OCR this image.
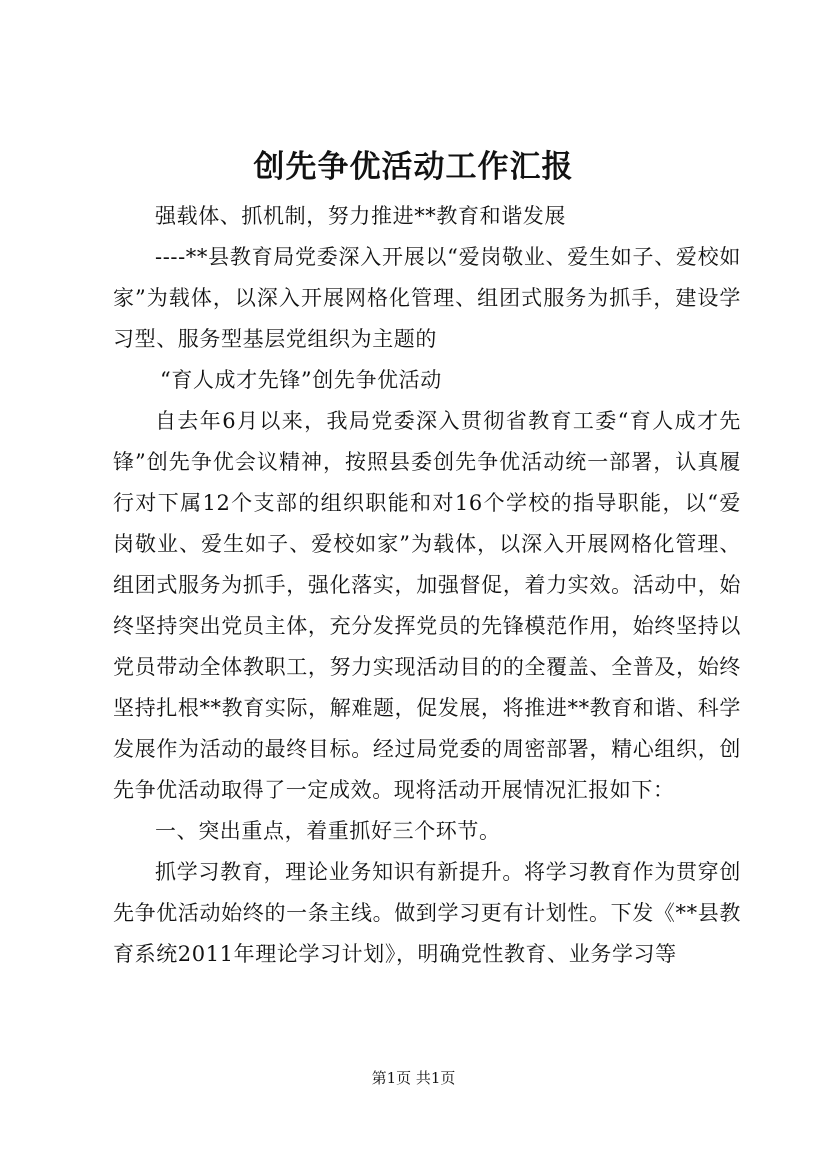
创先争优活动工作汇报

强载体、抓机制，努力推进**教育和谐发展

----**县教育局党委深入开展以“爱岗敬业、爱生如子、爱校如家”为载体，以深入开展网格化管理、组团式服务为抓手，建设学习型、服务型基层党组织为主题的

“育人成才先锋”创先争优活动

自去年6月以来，我局党委深入贯彻省教育工委“育人成才先锋”创先争优会议精神，按照县委创先争优活动统一部署，认真履行对下属12个支部的组织职能和对16个学校的指导职能，以“爱岗敬业、爱生如子、爱校如家”为载体，以深入开展网格化管理、组团式服务为抓手，强化落实，加强督促，着力实效。活动中，始终坚持突出党员主体，充分发挥党员的先锋模范作用，始终坚持以党员带动全体教职工，努力实现活动目的的全覆盖、全普及，始终坚持扎根**教育实际，解难题，促发展，将推进**教育和谐、科学发展作为活动的最终目标。经过局党委的周密部署，精心组织，创先争优活动取得了一定成效。现将活动开展情况汇报如下：

一、突出重点，着重抓好三个环节。

抓学习教育，理论业务知识有新提升。将学习教育作为贯穿创先争优活动始终的一条主线。做到学习更有计划性。下发《**县教育系统2011年理论学习计划》，明确党性教育、业务学习等

第1页 共1页
